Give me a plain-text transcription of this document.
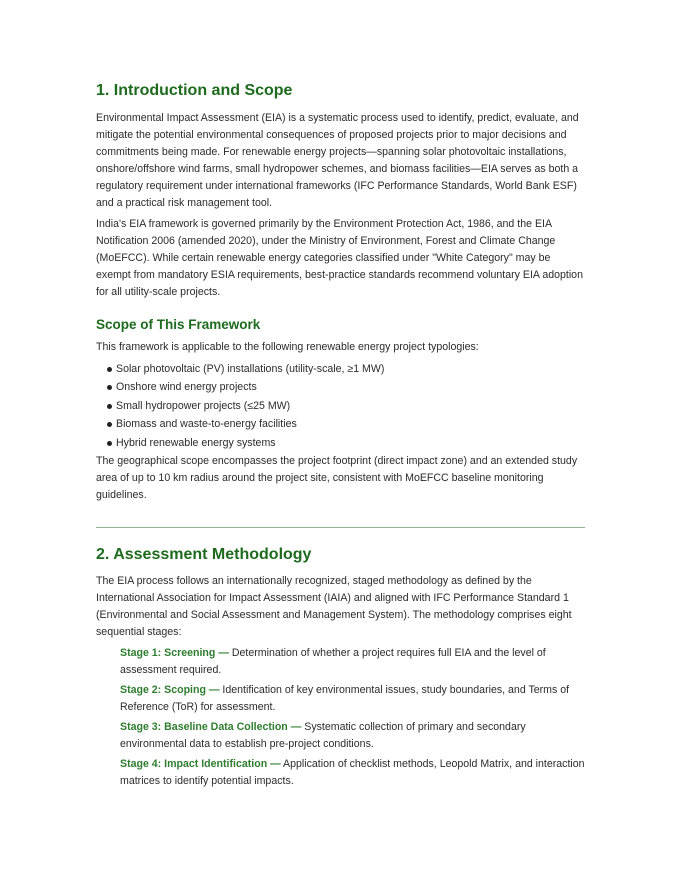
1. Introduction and Scope

Environmental Impact Assessment (EIA) is a systematic process used to identify, predict, evaluate, and mitigate the potential environmental consequences of proposed projects prior to major decisions and commitments being made. For renewable energy projects—spanning solar photovoltaic installations, onshore/offshore wind farms, small hydropower schemes, and biomass facilities—EIA serves as both a regulatory requirement under international frameworks (IFC Performance Standards, World Bank ESF) and a practical risk management tool.

India's EIA framework is governed primarily by the Environment Protection Act, 1986, and the EIA Notification 2006 (amended 2020), under the Ministry of Environment, Forest and Climate Change (MoEFCC). While certain renewable energy categories classified under "White Category" may be exempt from mandatory ESIA requirements, best-practice standards recommend voluntary EIA adoption for all utility-scale projects.

Scope of This Framework

This framework is applicable to the following renewable energy project typologies:

Solar photovoltaic (PV) installations (utility-scale, ≥1 MW)
Onshore wind energy projects
Small hydropower projects (≤25 MW)
Biomass and waste-to-energy facilities
Hybrid renewable energy systems

The geographical scope encompasses the project footprint (direct impact zone) and an extended study area of up to 10 km radius around the project site, consistent with MoEFCC baseline monitoring guidelines.

2. Assessment Methodology

The EIA process follows an internationally recognized, staged methodology as defined by the International Association for Impact Assessment (IAIA) and aligned with IFC Performance Standard 1 (Environmental and Social Assessment and Management System). The methodology comprises eight sequential stages:

Stage 1: Screening — Determination of whether a project requires full EIA and the level of assessment required.
Stage 2: Scoping — Identification of key environmental issues, study boundaries, and Terms of Reference (ToR) for assessment.
Stage 3: Baseline Data Collection — Systematic collection of primary and secondary environmental data to establish pre-project conditions.
Stage 4: Impact Identification — Application of checklist methods, Leopold Matrix, and interaction matrices to identify potential impacts.
